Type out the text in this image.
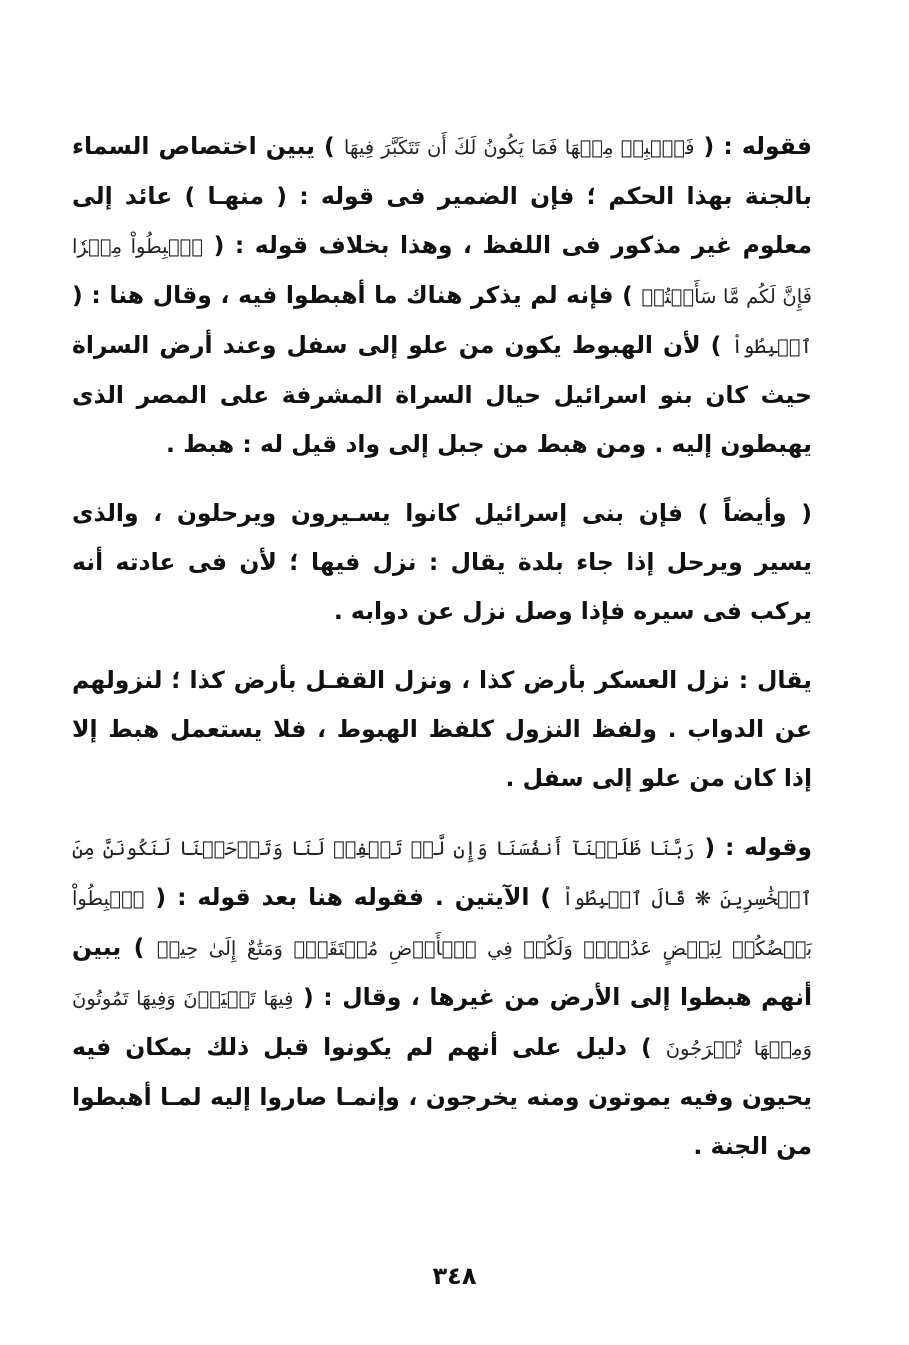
فقوله : ( فَٱهۡبِطۡ مِنۡهَا فَمَا يَكُونُ لَكَ أَن تَتَكَبَّرَ فِيهَا ) يبين اختصاص السماء بالجنة بهذا الحكم ؛ فإن الضمير فى قوله : ( منهـا ) عائد إلى معلوم غير مذكور فى اللفظ ، وهذا بخلاف قوله : ( ٱهۡبِطُواْ مِصۡرٗا فَإِنَّ لَكُم مَّا سَأَلۡتُمۡ ) فإنه لم يذكر هناك ما أهبطوا فيه ، وقال هنا : ( ٱهۡبِطُواْ ) لأن الهبوط يكون من علو إلى سفل وعند أرض السراة حيث كان بنو اسرائيل حيال السراة المشرفة على المصر الذى يهبطون إليه . ومن هبط من جبل إلى واد قيل له : هبط .

( وأيضاً ) فإن بنى إسرائيل كانوا يسـيرون ويرحلون ، والذى يسير ويرحل إذا جاء بلدة يقال : نزل فيها ؛ لأن فى عادته أنه يركب فى سيره فإذا وصل نزل عن دوابه .

يقال : نزل العسكر بأرض كذا ، ونزل القفـل بأرض كذا ؛ لنزولهم عن الدواب . ولفظ النزول كلفظ الهبوط ، فلا يستعمل هبط إلا إذا كان من علو إلى سفل .

وقوله : ( رَبَّنَا ظَلَمۡنَآ أَنفُسَنَا وَإِن لَّمۡ تَغۡفِرۡ لَنَا وَتَرۡحَمۡنَا لَنَكُونَنَّ مِنَ ٱلۡخَٰسِرِينَ ❋ قَالَ ٱهۡبِطُواْ ) الآيتين . فقوله هنا بعد قوله : ( ٱهۡبِطُواْ بَعۡضُكُمۡ لِبَعۡضٍ عَدُوّٞۖ وَلَكُمۡ فِي ٱلۡأَرۡضِ مُسۡتَقَرّٞ وَمَتَٰعٌ إِلَىٰ حِينٖ ) يبين أنهم هبطوا إلى الأرض من غيرها ، وقال : ( فِيهَا تَحۡيَوۡنَ وَفِيهَا تَمُوتُونَ وَمِنۡهَا تُخۡرَجُونَ ) دليل على أنهم لم يكونوا قبل ذلك بمكان فيه يحيون وفيه يموتون ومنه يخرجون ، وإنمـا صاروا إليه لمـا أهبطوا من الجنة .

٣٤٨
